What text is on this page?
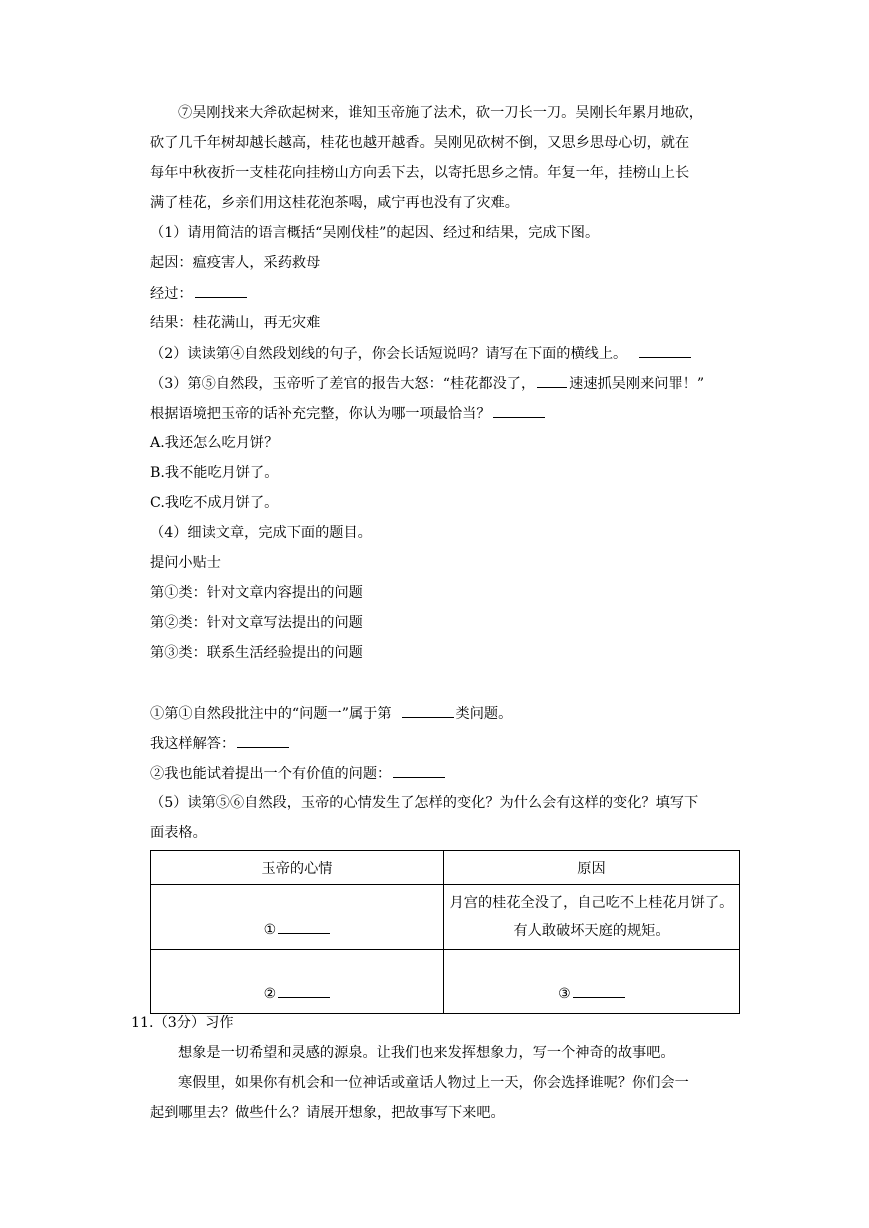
⑦吴刚找来大斧砍起树来，谁知玉帝施了法术，砍一刀长一刀。吴刚长年累月地砍，
砍了几千年树却越长越高，桂花也越开越香。吴刚见砍树不倒，又思乡思母心切，就在
每年中秋夜折一支桂花向挂榜山方向丢下去，以寄托思乡之情。年复一年，挂榜山上长
满了桂花，乡亲们用这桂花泡茶喝，咸宁再也没有了灾难。
（1）请用简洁的语言概括“吴刚伐桂”的起因、经过和结果，完成下图。
起因：瘟疫害人，采药救母
经过：
结果：桂花满山，再无灾难
（2）读读第④自然段划线的句子，你会长话短说吗？请写在下面的横线上。
（3）第⑤自然段，玉帝听了差官的报告大怒：“桂花都没了， 速速抓吴刚来问罪！”
根据语境把玉帝的话补充完整，你认为哪一项最恰当？
A.我还怎么吃月饼？
B.我不能吃月饼了。
C.我吃不成月饼了。
（4）细读文章，完成下面的题目。
提问小贴士
第①类：针对文章内容提出的问题
第②类：针对文章写法提出的问题
第③类：联系生活经验提出的问题
①第①自然段批注中的“问题一”属于第	类问题。
我这样解答：
②我也能试着提出一个有价值的问题：
（5）读第⑤⑥自然段，玉帝的心情发生了怎样的变化？为什么会有这样的变化？填写下
面表格。
玉帝的心情	原因
①	月宫的桂花全没了，自己吃不上桂花月饼了。
有人敢破坏天庭的规矩。

②	③
11.（3分）习作
想象是一切希望和灵感的源泉。让我们也来发挥想象力，写一个神奇的故事吧。
寒假里，如果你有机会和一位神话或童话人物过上一天，你会选择谁呢？你们会一
起到哪里去？做些什么？请展开想象，把故事写下来吧。
